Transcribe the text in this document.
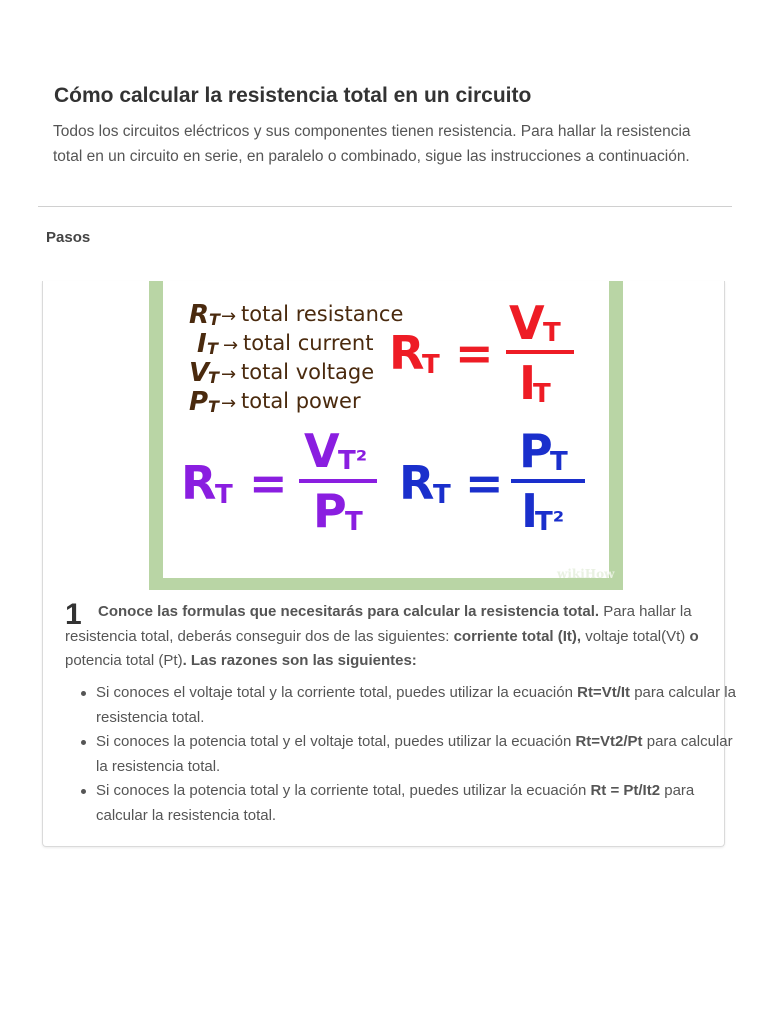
Cómo calcular la resistencia total en un circuito

Todos los circuitos eléctricos y sus componentes tienen resistencia. Para hallar la resistencia total en un circuito en serie, en paralelo o combinado, sigue las instrucciones a continuación.

Pasos
R T → total resistance
I T → total current
V
T → total voltage
P T → total power
R
T =
V
T
I
T
R
T =
V
T²
P
T
R
T =
P
T
I
T²
wikiHow
1	Conoce las formulas que necesitarás para calcular la resistencia total. Para hallar la resistencia total, deberás conseguir dos de las siguientes: corriente total (It), voltaje total(Vt) o potencia total (Pt). Las razones son las siguientes:
Si conoces el voltaje total y la corriente total, puedes utilizar la ecuación Rt=Vt/It para calcular la resistencia total.
Si conoces la potencia total y el voltaje total, puedes utilizar la ecuación Rt=Vt2/Pt para calcular la resistencia total.
Si conoces la potencia total y la corriente total, puedes utilizar la ecuación Rt = Pt/It2 para calcular la resistencia total.
